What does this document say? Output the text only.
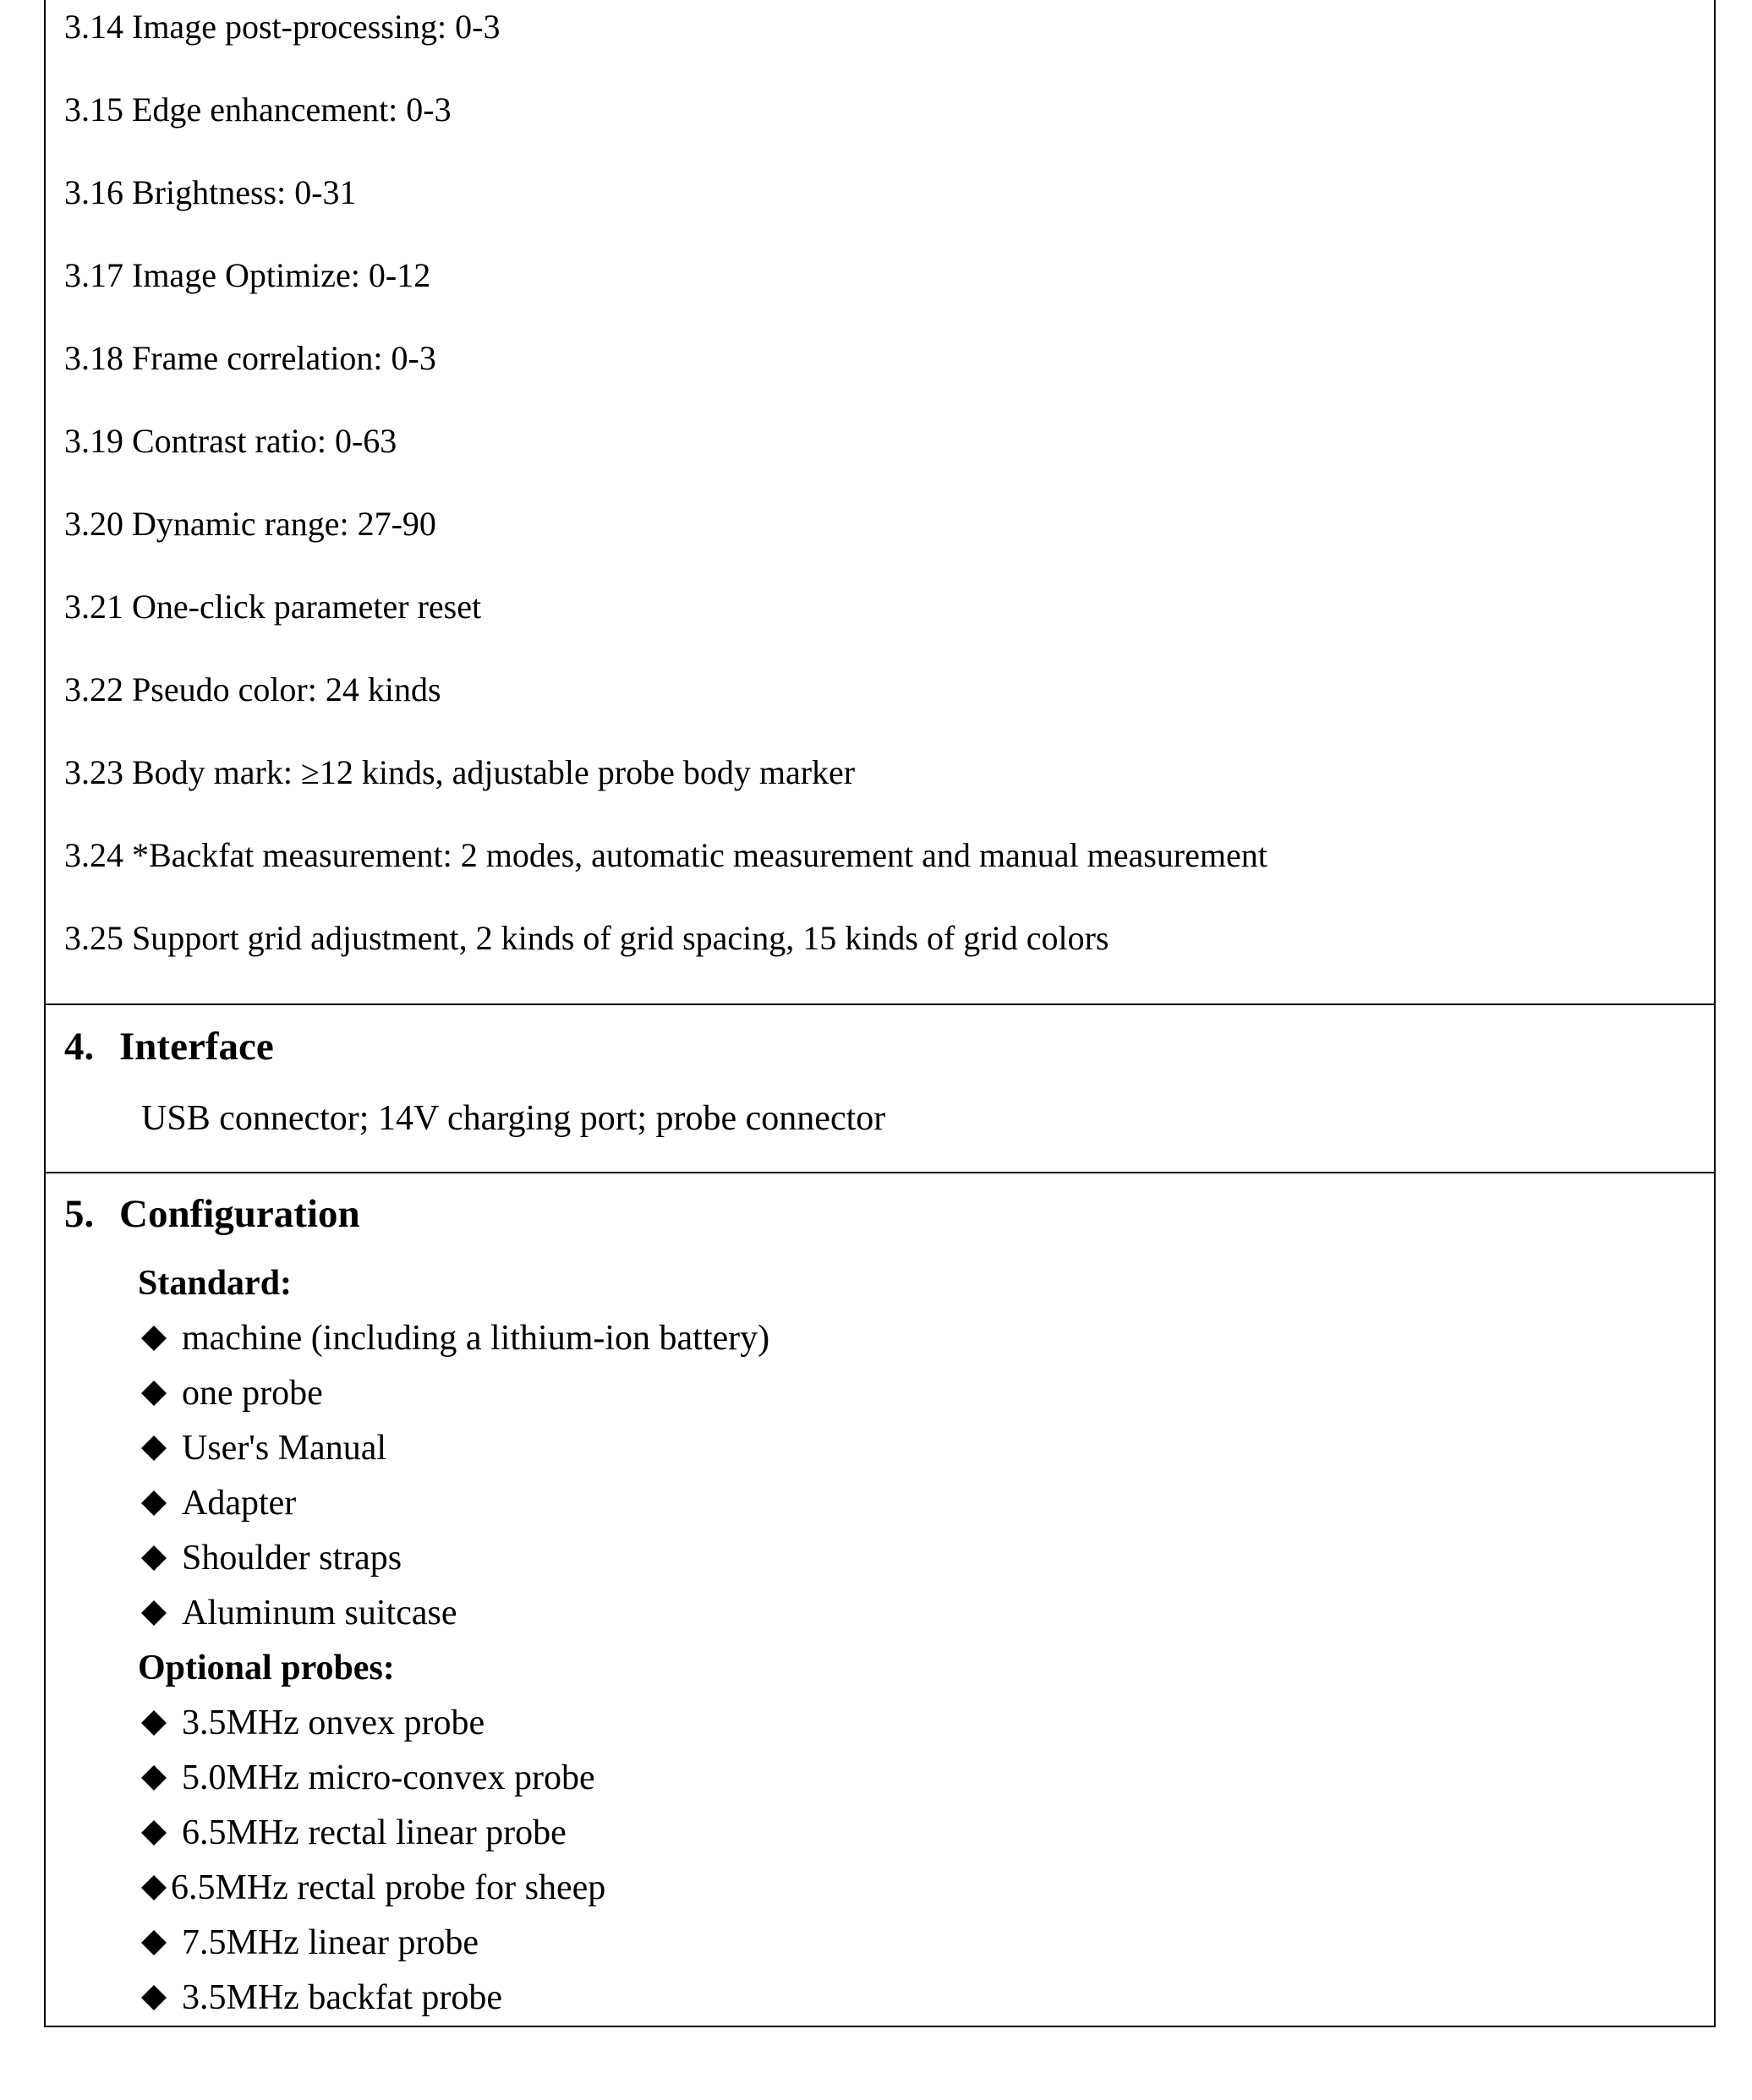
3.14 Image post-processing: 0-3
3.15 Edge enhancement: 0-3
3.16 Brightness: 0-31
3.17 Image Optimize: 0-12
3.18 Frame correlation: 0-3
3.19 Contrast ratio: 0-63
3.20 Dynamic range: 27-90
3.21 One-click parameter reset
3.22 Pseudo color: 24 kinds
3.23 Body mark: ≥12 kinds, adjustable probe body marker
3.24 *Backfat measurement: 2 modes, automatic measurement and manual measurement
3.25 Support grid adjustment, 2 kinds of grid spacing, 15 kinds of grid colors
4. Interface
USB connector; 14V charging port; probe connector
5. Configuration
Standard:
machine (including a lithium-ion battery)
one probe
User's Manual
Adapter
Shoulder straps
Aluminum suitcase
Optional probes:
3.5MHz onvex probe
5.0MHz micro-convex probe
6.5MHz rectal linear probe
6.5MHz rectal probe for sheep
7.5MHz linear probe
3.5MHz backfat probe
